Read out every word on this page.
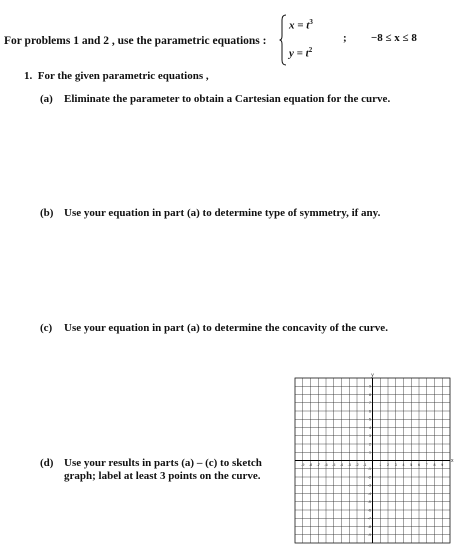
For problems 1 and 2 , use the parametric equations :
$x = t^3$
$y = t^2$
; −8 ≤ x ≤ 8
1. For the given parametric equations ,
(a) Eliminate the parameter to obtain a Cartesian equation for the curve.
(b) Use your equation in part (a) to determine type of symmetry, if any.
(c) Use your equation in part (a) to determine the concavity of the curve.
(d) Use your results in parts (a) – (c) to sketch graph; label at least 3 points on the curve.
-9 -8 -7 -6 -5 -4 -3 -2 -1	1 2 3 4 5 6 7 8 9
9
8
7
6
5
4
3
2
1
-1
-2
-3
-4
-5
-6
-7
-8
-9
x
y
